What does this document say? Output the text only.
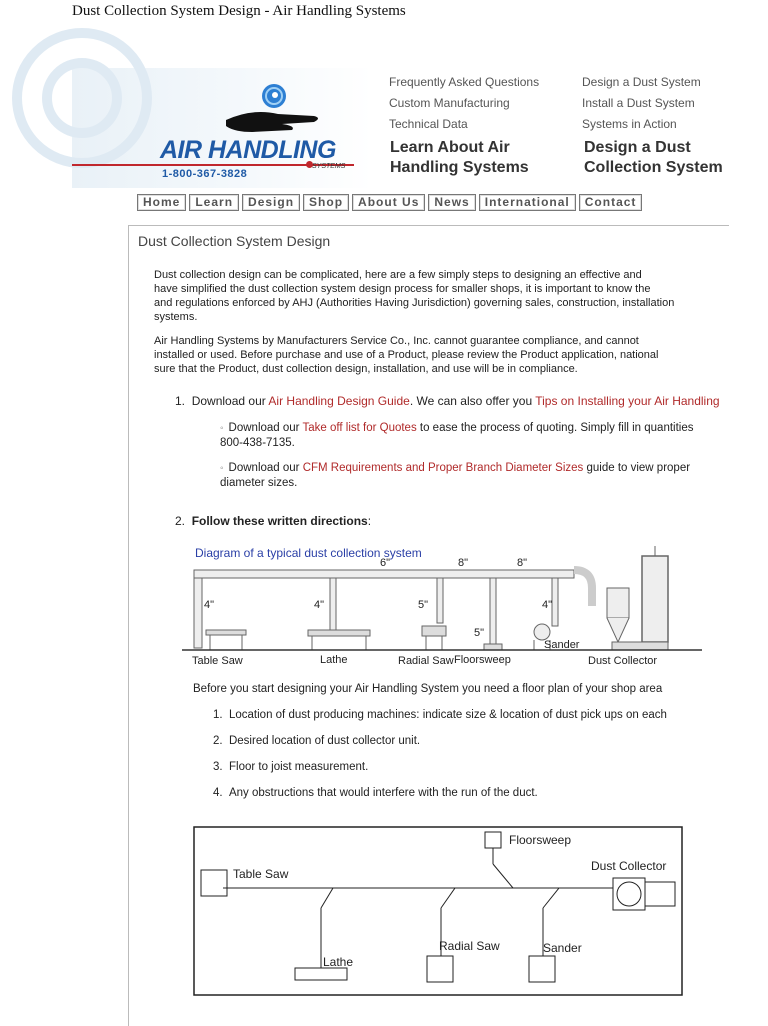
Dust Collection System Design - Air Handling Systems
AIR HANDLING
1-800-367-3828
SYSTEMS
Frequently Asked Questions
Custom Manufacturing
Technical Data
Design a Dust System
Install a Dust System
Systems in Action
Learn About Air
Handling Systems
Design a Dust
Collection System
Home Learn Design Shop About Us News International Contact
Dust Collection System Design
Dust collection design can be complicated, here are a few simply steps to designing an effective and
have simplified the dust collection system design process for smaller shops, it is important to know the
and regulations enforced by AHJ (Authorities Having Jurisdiction) governing sales, construction, installation
systems.
Air Handling Systems by Manufacturers Service Co., Inc. cannot guarantee compliance, and cannot
installed or used. Before purchase and use of a Product, please review the Product application, national
sure that the Product, dust collection design, installation, and use will be in compliance.
1. Download our Air Handling Design Guide. We can also offer you Tips on Installing your Air Handling
◦ Download our Take off list for Quotes to ease the process of quoting. Simply fill in quantities
800-438-7135.
◦ Download our CFM Requirements and Proper Branch Diameter Sizes guide to view proper
diameter sizes.
2. Follow these written directions:
Diagram of a typical dust collection system
6"	8"	8"
4"	4"	5"
5"
4"
Table Saw	Lathe	Radial Saw Floorsweep
Sander
Dust Collector
Before you start designing your Air Handling System you need a floor plan of your shop area
1. Location of dust producing machines: indicate size & location of dust pick ups on each
2. Desired location of dust collector unit.
3. Floor to joist measurement.
4. Any obstructions that would interfere with the run of the duct.
Table Saw
Floorsweep
Dust Collector
Lathe
Radial Saw	Sander
